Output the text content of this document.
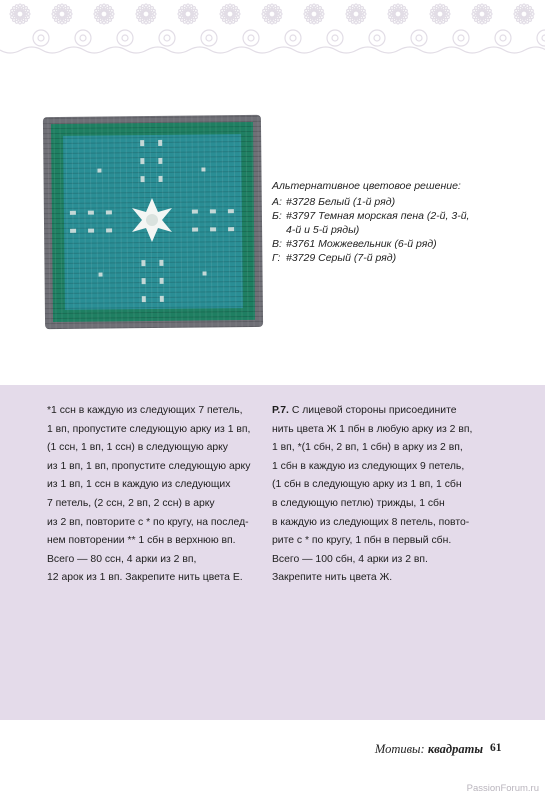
Альтернативное цветовое решение:
А: #3728 Белый (1-й ряд)
Б: #3797 Темная морская пена (2-й, 3-й, 4-й и 5-й ряды)
В: #3761 Можжевельник (6-й ряд)
Г: #3729 Серый (7-й ряд)

*1 ссн в каждую из следующих 7 петель,

1 вп, пропустите следующую арку из 1 вп,

(1 ссн, 1 вп, 1 ссн) в следующую арку

из 1 вп, 1 вп, пропустите следующую арку

из 1 вп, 1 ссн в каждую из следующих

7 петель, (2 ссн, 2 вп, 2 ссн) в арку

из 2 вп, повторите с * по кругу, на послед-

нем повторении ** 1 сбн в верхнюю вп.

Всего — 80 ссн, 4 арки из 2 вп,

12 арок из 1 вп. Закрепите нить цвета Е.

Р.7. С лицевой стороны присоедините

нить цвета Ж 1 пбн в любую арку из 2 вп,

1 вп, *(1 сбн, 2 вп, 1 сбн) в арку из 2 вп,

1 сбн в каждую из следующих 9 петель,

(1 сбн в следующую арку из 1 вп, 1 сбн

в следующую петлю) трижды, 1 сбн

в каждую из следующих 8 петель, повто-

рите с * по кругу, 1 пбн в первый сбн.

Всего — 100 сбн, 4 арки из 2 вп.

Закрепите нить цвета Ж.

Мотивы: квадраты 61
PassionForum.ru
